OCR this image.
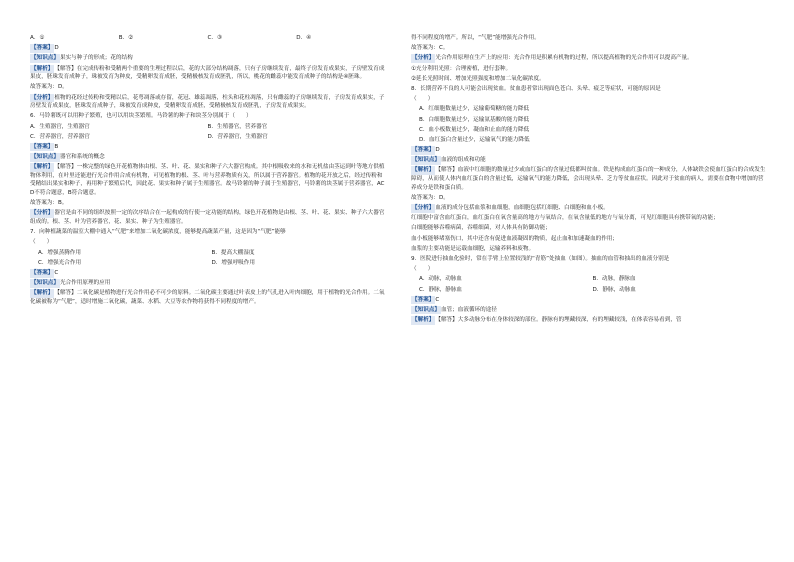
A．①	B．②	C．③	D．④
【答案】D
【知识点】果实与种子的形成；花的结构
【解析】【解答】在完成传粉和受精两个重要的生理过程以后，花的大部分结构凋落，只有子房继续发育，最终子房发育成果实，子房壁发育成果皮，胚珠发育成种子，珠被发育为种皮，受精卵发育成胚，受精极核发育成胚乳，所以，桃花的雌蕊中能发育成种子的结构是④胚珠。
故答案为：D。
【分析】植物的花经过传粉和受精以后，花萼凋落或存留，花冠、雄蕊凋落，柱头和花柱凋落，只有雌蕊的子房继续发育，子房发育成果实，子房壁发育成果皮，胚珠发育成种子，珠被发育成种皮，受精卵发育成胚，受精极核发育成胚乳，子房发育成果实。
6．马铃薯既可以用种子繁殖，也可以用块茎繁殖。马铃薯的种子和块茎分别属于（　　）
A．生殖器官，生殖器官	B．生殖器官，营养器官
C．营养器官，营养器官	D．营养器官，生殖器官
【答案】B
【知识点】器官和系统的概念
【解析】【解答】一株完整的绿色开花植物体由根、茎、叶、花、果实和种子六大器官构成。其中根吸收来的水和无机盐由茎运到叶等地方供植物体利用，在叶里还能进行光合作用合成有机物，可见植物的根、茎、叶与营养物质有关，所以属于营养器官。植物的花开放之后，经过传粉和受精结出果实和种子，再用种子繁殖后代，因此花、果实和种子属于生殖器官。故马铃薯的种子属于生殖器官，马铃薯的块茎属于营养器官，ACD不符合题意，B符合题意。
故答案为：B。
【分析】器官是由不同的组织按照一定的次序结合在一起构成的行使一定功能的结构，绿色开花植物是由根、茎、叶、花、果实、种子六大器官组成的。根、茎、叶为营养器官，花、果实、种子为生殖器官。
7．向种植蔬菜的温室大棚中通入“气肥”来增加二氧化碳浓度，能够提高蔬菜产量，这是因为“气肥”能够
（　　）
A．增强蒸腾作用	B．提高大棚湿度
C．增强光合作用	D．增强呼吸作用
【答案】C
【知识点】光合作用原理的应用
【解析】【解答】二氧化碳是植物进行光合作用必不可少的原料。二氧化碳主要通过叶表皮上的气孔进入叶肉细胞，用于植物的光合作用。二氧化碳被称为“气肥”，适时增施二氧化碳，蔬菜、水稻、大豆等农作物将获得不同程度的增产。
得不同程度的增产。所以，“气肥”能增强光合作用。
故答案为：C。
【分析】光合作用原理在生产上的应用：光合作用是积累有机物的过程，所以提高植物的光合作用可以提高产量。
①充分利用光照：合理密植，进行套种。
②延长光照时间、增加光照强度和增加二氧化碳浓度。
8．长期营养不良的人可能会出现贫血。贫血患者常出现面色苍白、头晕、疲乏等症状，可能的原因是
（　　）
A．红细胞数量过少，运输葡萄糖的能力降低
B．白细胞数量过少，运输氨基酸的能力降低
C．血小板数量过少，凝血和止血的能力降低
D．血红蛋白含量过少，运输氧气的能力降低
【答案】D
【知识点】血液的组成和功能
【解析】【解答】血液中红细胞的数量过少或血红蛋白的含量过低都叫贫血。铁是构成血红蛋白的一种成分，人体缺铁会使血红蛋白的合成发生障碍，从而使人体内血红蛋白的含量过低，运输氧气的能力降低，会出现头晕、乏力等贫血症状。因此对于贫血的病人，需要在食物中增加的营养成分是铁和蛋白质。
故答案为：D。
【分析】血液的成分包括血浆和血细胞，血细胞包括红细胞、白细胞和血小板。
红细胞中富含血红蛋白，血红蛋白在氧含量高的地方与氧结合，在氧含量低的地方与氧分离，可见红细胞具有携带氧的功能；
白细胞能够吞噬病菌，吞噬细菌，对人体具有防御功能；
血小板能够堵塞伤口，其中还含有促进血液凝固的物质，起止血和加速凝血的作用；
血浆的主要功能是运载血细胞，运输养料和废物。
9．医院进行抽血化验时，常在手臂上位置较浅的“青筋”处抽血（如图）。抽血的血管和抽出的血液分别是
（　　）
A．动脉，动脉血	B．动脉，静脉血
C．静脉，静脉血	D．静脉，动脉血
【答案】C
【知识点】血管；血液循环的途径
【解析】【解答】大多动脉分布在身体较深的部位。静脉有的埋藏较深，有的埋藏较浅，在体表容易看到，管
